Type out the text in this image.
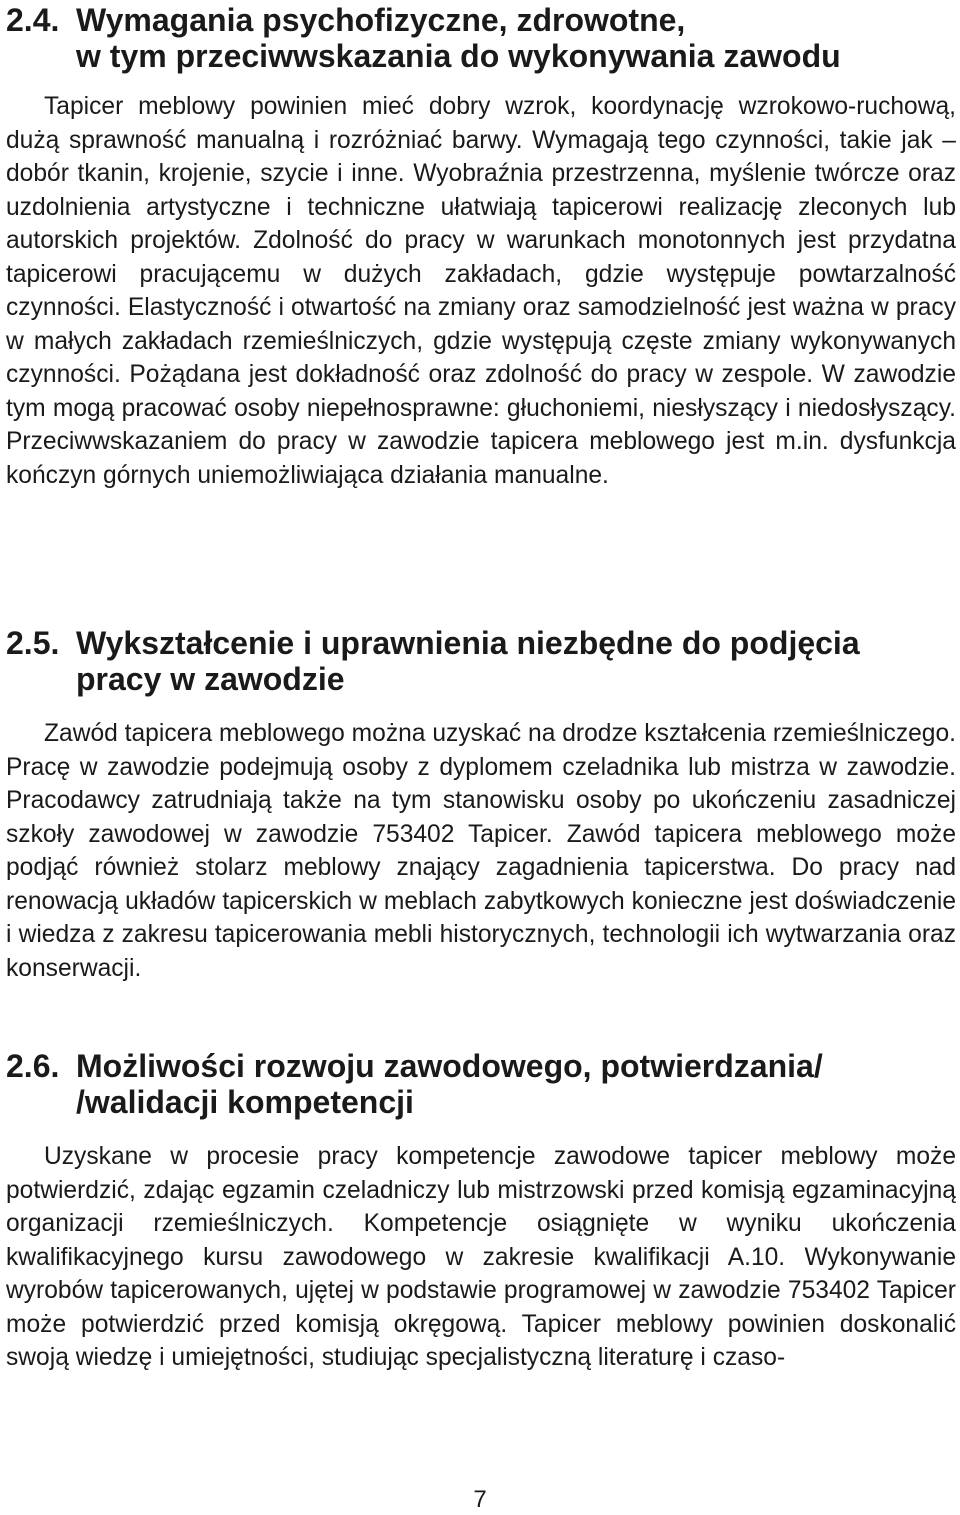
2.4. Wymagania psychofizyczne, zdrowotne,
w tym przeciwwskazania do wykonywania zawodu

Tapicer meblowy powinien mieć dobry wzrok, koordynację wzrokowo-ruchową, dużą sprawność manualną i rozróżniać barwy. Wymagają tego czynności, takie jak – dobór tkanin, krojenie, szycie i inne. Wyobraźnia przestrzenna, myślenie twórcze oraz uzdolnienia artystyczne i techniczne ułatwiają tapicerowi realizację zleconych lub autorskich projektów. Zdolność do pracy w warunkach monotonnych jest przydatna tapicerowi pracującemu w dużych zakładach, gdzie występuje powtarzalność czynności. Elastyczność i otwartość na zmiany oraz samodzielność jest ważna w pracy w małych zakładach rzemieślniczych, gdzie występują częste zmiany wykonywanych czynności. Pożądana jest dokładność oraz zdolność do pracy w zespole. W zawodzie tym mogą pracować osoby niepełnosprawne: głuchoniemi, niesłyszący i niedosłyszący. Przeciwwskazaniem do pracy w zawodzie tapicera meblowego jest m.in. dysfunkcja kończyn górnych uniemożliwiająca działania manualne.

2.5. Wykształcenie i uprawnienia niezbędne do podjęcia
pracy w zawodzie

Zawód tapicera meblowego można uzyskać na drodze kształcenia rzemieślniczego. Pracę w zawodzie podejmują osoby z dyplomem czeladnika lub mistrza w zawodzie. Pracodawcy zatrudniają także na tym stanowisku osoby po ukończeniu zasadniczej szkoły zawodowej w zawodzie 753402 Tapicer. Zawód tapicera meblowego może podjąć również stolarz meblowy znający zagadnienia tapicerstwa. Do pracy nad renowacją układów tapicerskich w meblach zabytkowych konieczne jest doświadczenie i wiedza z zakresu tapicerowania mebli historycznych, technologii ich wytwarzania oraz konserwacji.

2.6. Możliwości rozwoju zawodowego, potwierdzania/
/walidacji kompetencji

Uzyskane w procesie pracy kompetencje zawodowe tapicer meblowy może potwierdzić, zdając egzamin czeladniczy lub mistrzowski przed komisją egzaminacyjną organizacji rzemieślniczych. Kompetencje osiągnięte w wyniku ukończenia kwalifikacyjnego kursu zawodowego w zakresie kwalifikacji A.10. Wykonywanie wyrobów tapicerowanych, ujętej w podstawie programowej w zawodzie 753402 Tapicer może potwierdzić przed komisją okręgową. Tapicer meblowy powinien doskonalić swoją wiedzę i umiejętności, studiując specjalistyczną literaturę i czaso-

7
